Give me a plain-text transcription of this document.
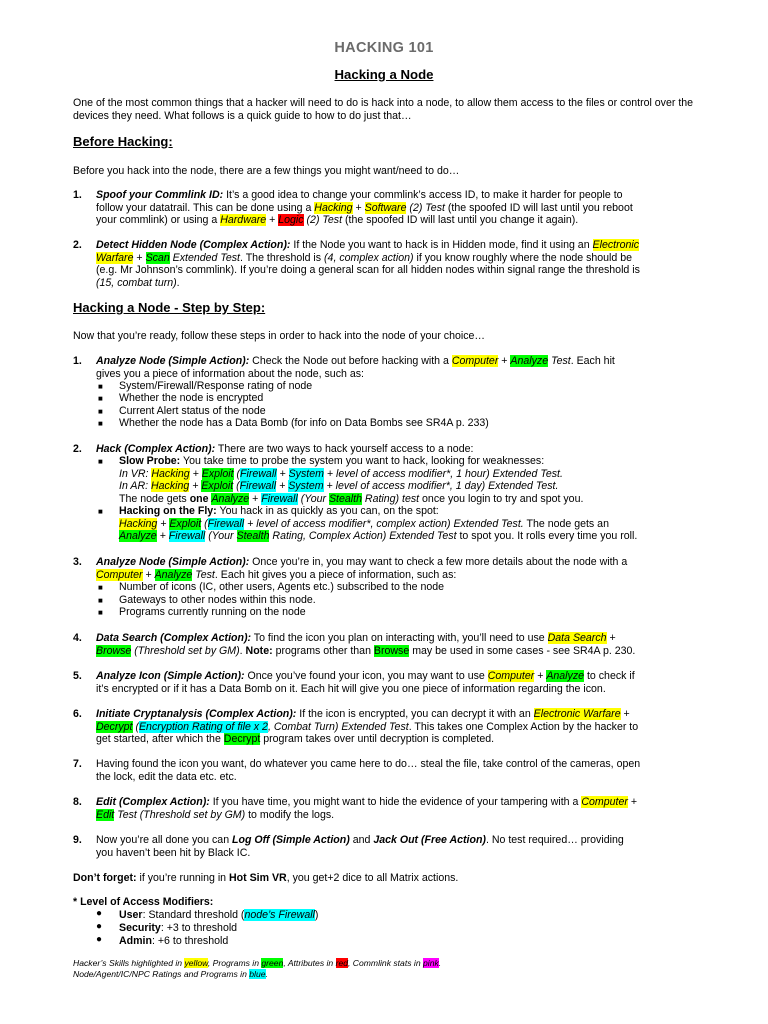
HACKING 101
Hacking a Node
One of the most common things that a hacker will need to do is hack into a node, to allow them access to the files or control over the devices they need. What follows is a quick guide to how to do just that…
Before Hacking:
Before you hack into the node, there are a few things you might want/need to do…
1. Spoof your Commlink ID: It’s a good idea to change your commlink’s access ID, to make it harder for people to
follow your datatrail. This can be done using a Hacking + Software (2) Test (the spoofed ID will last until you reboot
your commlink) or using a Hardware + Logic (2) Test (the spoofed ID will last until you change it again).
2. Detect Hidden Node (Complex Action): If the Node you want to hack is in Hidden mode, find it using an Electronic
Warfare + Scan Extended Test. The threshold is (4, complex action) if you know roughly where the node should be
(e.g. Mr Johnson’s commlink). If you’re doing a general scan for all hidden nodes within signal range the threshold is
(15, combat turn).
Hacking a Node - Step by Step:
Now that you’re ready, follow these steps in order to hack into the node of your choice…
1. Analyze Node (Simple Action): Check the Node out before hacking with a Computer + Analyze Test. Each hit
gives you a piece of information about the node, such as:
■ System/Firewall/Response rating of node
■ Whether the node is encrypted
■ Current Alert status of the node
■ Whether the node has a Data Bomb (for info on Data Bombs see SR4A p. 233)
2. Hack (Complex Action): There are two ways to hack yourself access to a node:
■ Slow Probe: You take time to probe the system you want to hack, looking for weaknesses:
In VR: Hacking + Exploit (Firewall + System + level of access modifier*, 1 hour) Extended Test.
In AR: Hacking + Exploit (Firewall + System + level of access modifier*, 1 day) Extended Test.
The node gets one Analyze + Firewall (Your Stealth Rating) test once you login to try and spot you.
■ Hacking on the Fly: You hack in as quickly as you can, on the spot:
Hacking + Exploit (Firewall + level of access modifier*, complex action) Extended Test. The node gets an
Analyze + Firewall (Your Stealth Rating, Complex Action) Extended Test to spot you. It rolls every time you roll.
3. Analyze Node (Simple Action): Once you’re in, you may want to check a few more details about the node with a
Computer + Analyze Test. Each hit gives you a piece of information, such as:
■ Number of icons (IC, other users, Agents etc.) subscribed to the node
■ Gateways to other nodes within this node.
■ Programs currently running on the node
4. Data Search (Complex Action): To find the icon you plan on interacting with, you’ll need to use Data Search +
Browse (Threshold set by GM). Note: programs other than Browse may be used in some cases - see SR4A p. 230.
5. Analyze Icon (Simple Action): Once you’ve found your icon, you may want to use Computer + Analyze to check if
it’s encrypted or if it has a Data Bomb on it. Each hit will give you one piece of information regarding the icon.
6. Initiate Cryptanalysis (Complex Action): If the icon is encrypted, you can decrypt it with an Electronic Warfare +
Decrypt (Encryption Rating of file x 2, Combat Turn) Extended Test. This takes one Complex Action by the hacker to
get started, after which the Decrypt program takes over until decryption is completed.
7. Having found the icon you want, do whatever you came here to do… steal the file, take control of the cameras, open
the lock, edit the data etc. etc.
8. Edit (Complex Action): If you have time, you might want to hide the evidence of your tampering with a Computer +
Edit Test (Threshold set by GM) to modify the logs.
9. Now you’re all done you can Log Off (Simple Action) and Jack Out (Free Action). No test required… providing
you haven’t been hit by Black IC.
Don’t forget: if you’re running in Hot Sim VR, you get+2 dice to all Matrix actions.
* Level of Access Modifiers:
● User: Standard threshold (node’s Firewall)
● Security: +3 to threshold
● Admin: +6 to threshold
Hacker’s Skills highlighted in yellow, Programs in green, Attributes in red, Commlink stats in pink.
Node/Agent/IC/NPC Ratings and Programs in blue.
